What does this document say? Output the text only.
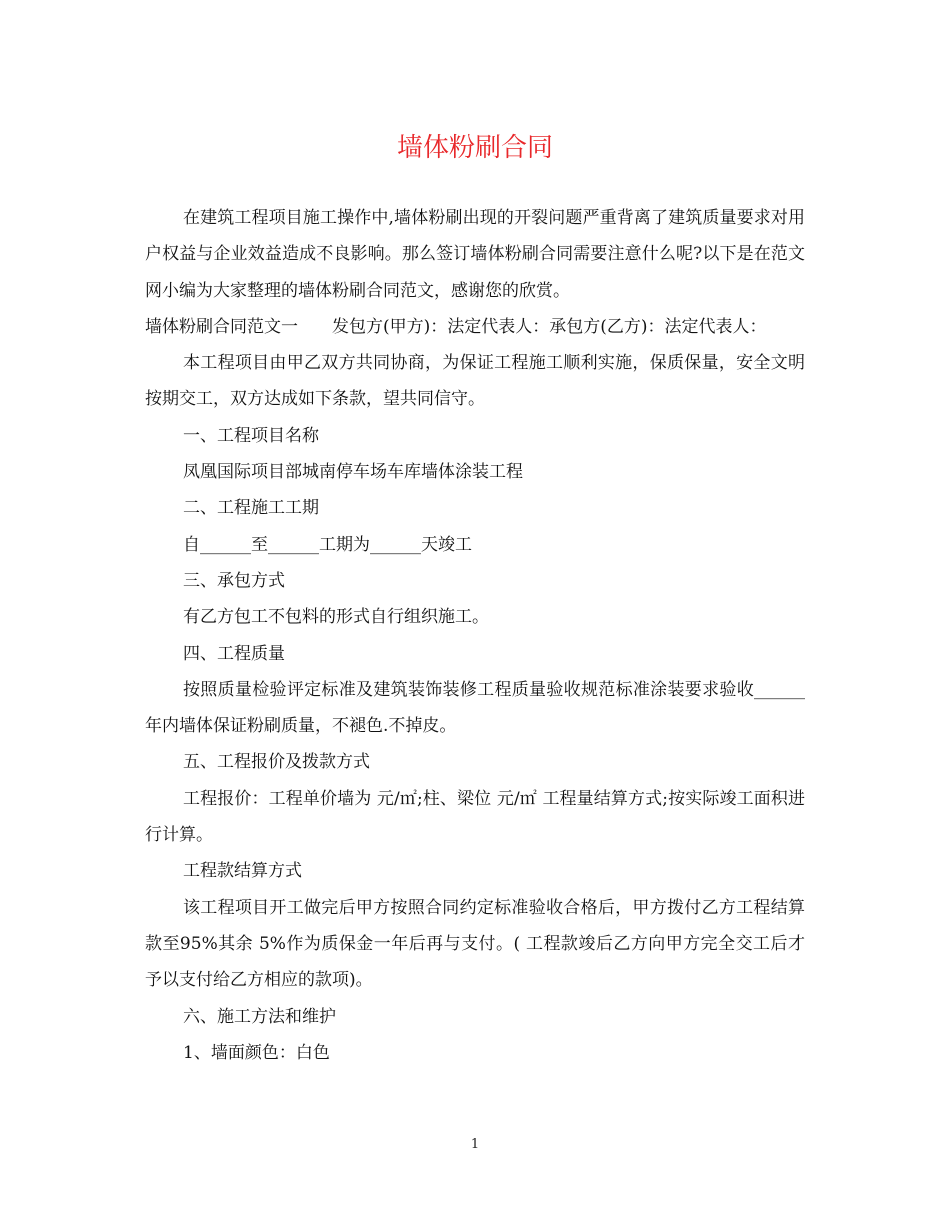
墙体粉刷合同

在建筑工程项目施工操作中,墙体粉刷出现的开裂问题严重背离了建筑质量要求对用户权益与企业效益造成不良影响。那么签订墙体粉刷合同需要注意什么呢?以下是在范文网小编为大家整理的墙体粉刷合同范文，感谢您的欣赏。

墙体粉刷合同范文一　　发包方(甲方)：法定代表人：承包方(乙方)：法定代表人：

本工程项目由甲乙双方共同协商，为保证工程施工顺利实施，保质保量，安全文明按期交工，双方达成如下条款，望共同信守。

一、工程项目名称

凤凰国际项目部城南停车场车库墙体涂装工程

二、工程施工工期

自______至______工期为______天竣工

三、承包方式

有乙方包工不包料的形式自行组织施工。

四、工程质量

按照质量检验评定标准及建筑装饰装修工程质量验收规范标准涂装要求验收______年内墙体保证粉刷质量，不褪色.不掉皮。

五、工程报价及拨款方式

工程报价：工程单价墙为 元/㎡;柱、梁位 元/㎡ 工程量结算方式;按实际竣工面积进行计算。

工程款结算方式

该工程项目开工做完后甲方按照合同约定标准验收合格后，甲方拨付乙方工程结算款至95%其余 5%作为质保金一年后再与支付。( 工程款竣后乙方向甲方完全交工后才予以支付给乙方相应的款项)。

六、施工方法和维护

1、墙面颜色：白色

1
